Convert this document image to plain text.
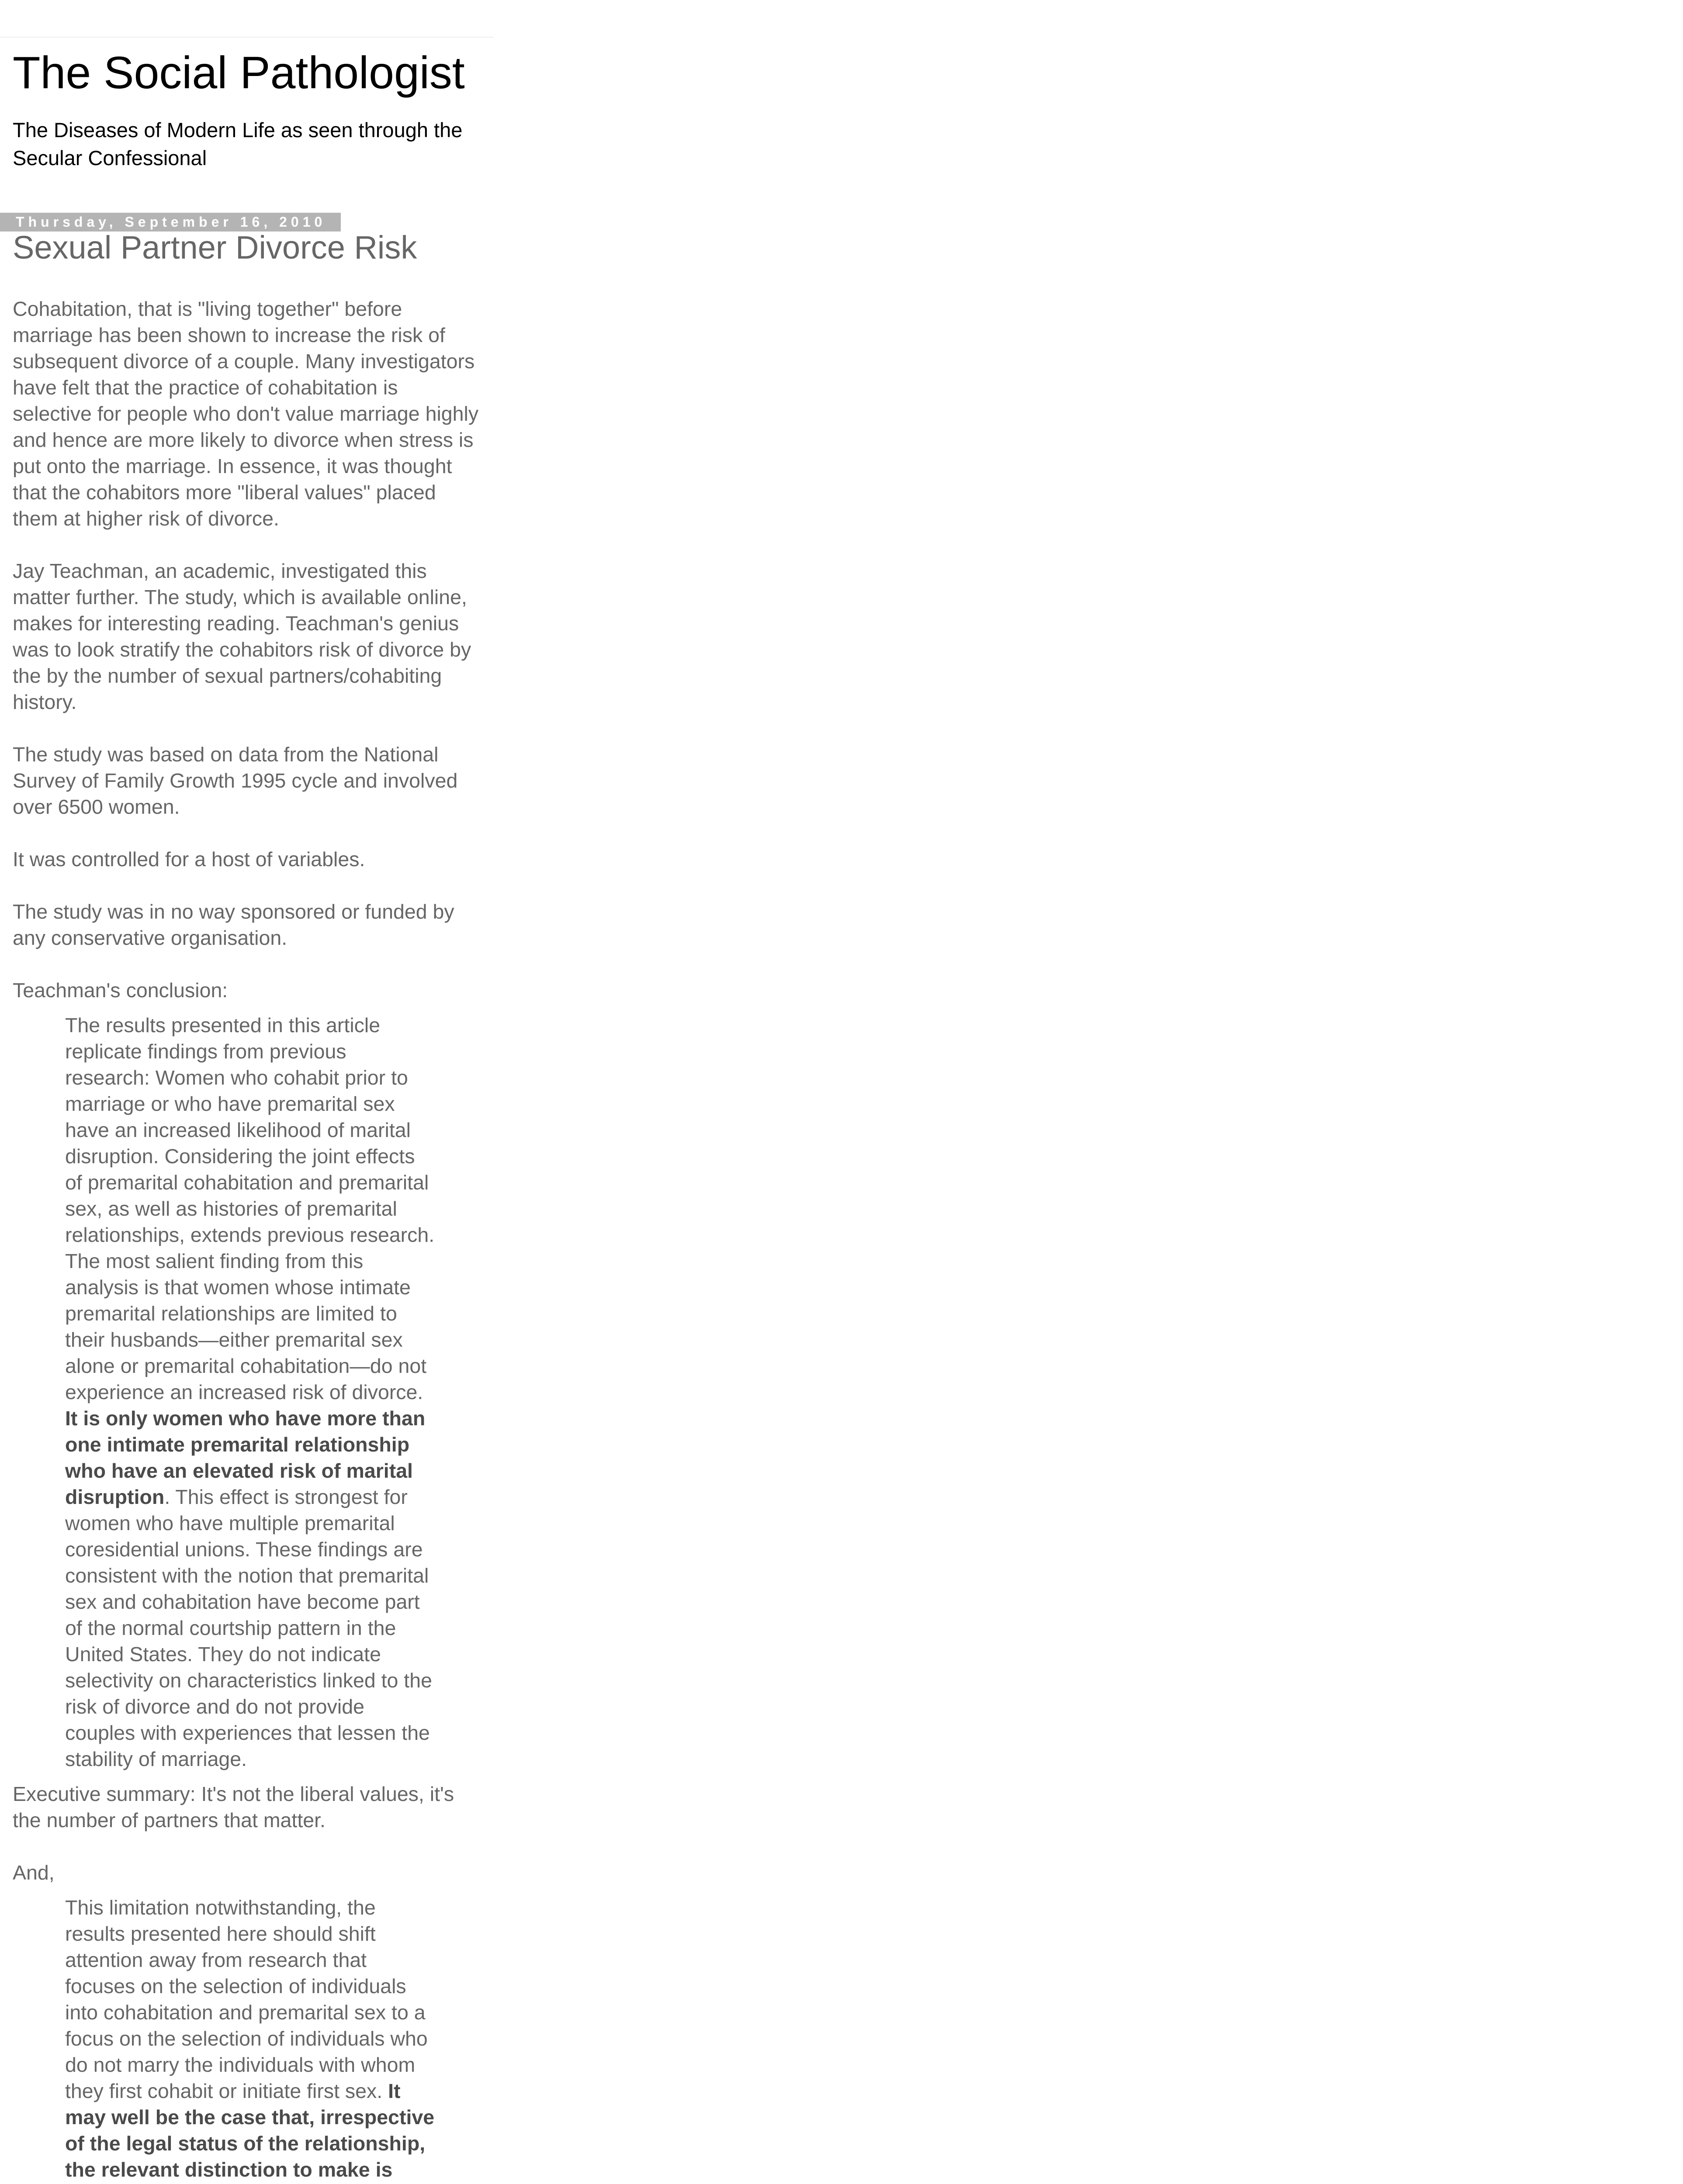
The Social Pathologist

The Diseases of Modern Life as seen through the Secular Confessional

Thursday, September 16, 2010
Sexual Partner Divorce Risk

Cohabitation, that is "living together" before marriage has been shown to increase the risk of subsequent divorce of a couple. Many investigators have felt that the practice of cohabitation is selective for people who don't value marriage highly and hence are more likely to divorce when stress is put onto the marriage. In essence, it was thought that the cohabitors more "liberal values" placed them at higher risk of divorce.

Jay Teachman, an academic, investigated this matter further. The study, which is available online, makes for interesting reading. Teachman's genius was to look stratify the cohabitors risk of divorce by the by the number of sexual partners/cohabiting history.

The study was based on data from the National Survey of Family Growth 1995 cycle and involved over 6500 women.

It was controlled for a host of variables.

The study was in no way sponsored or funded by any conservative organisation.

Teachman's conclusion:

The results presented in this article replicate findings from previous research: Women who cohabit prior to marriage or who have premarital sex have an increased likelihood of marital disruption. Considering the joint effects of premarital cohabitation and premarital sex, as well as histories of premarital relationships, extends previous research. The most salient finding from this analysis is that women whose intimate premarital relationships are limited to their husbands—either premarital sex alone or premarital cohabitation—do not experience an increased risk of divorce. It is only women who have more than one intimate premarital relationship who have an elevated risk of marital disruption. This effect is strongest for women who have multiple premarital coresidential unions. These findings are consistent with the notion that premarital sex and cohabitation have become part of the normal courtship pattern in the United States. They do not indicate selectivity on characteristics linked to the risk of divorce and do not provide couples with experiences that lessen the stability of marriage.

Executive summary: It's not the liberal values, it's the number of partners that matter.

And,

This limitation notwithstanding, the results presented here should shift attention away from research that focuses on the selection of individuals into cohabitation and premarital sex to a focus on the selection of individuals who do not marry the individuals with whom they first cohabit or initiate first sex. It may well be the case that, irrespective of the legal status of the relationship, the relevant distinction to make is
